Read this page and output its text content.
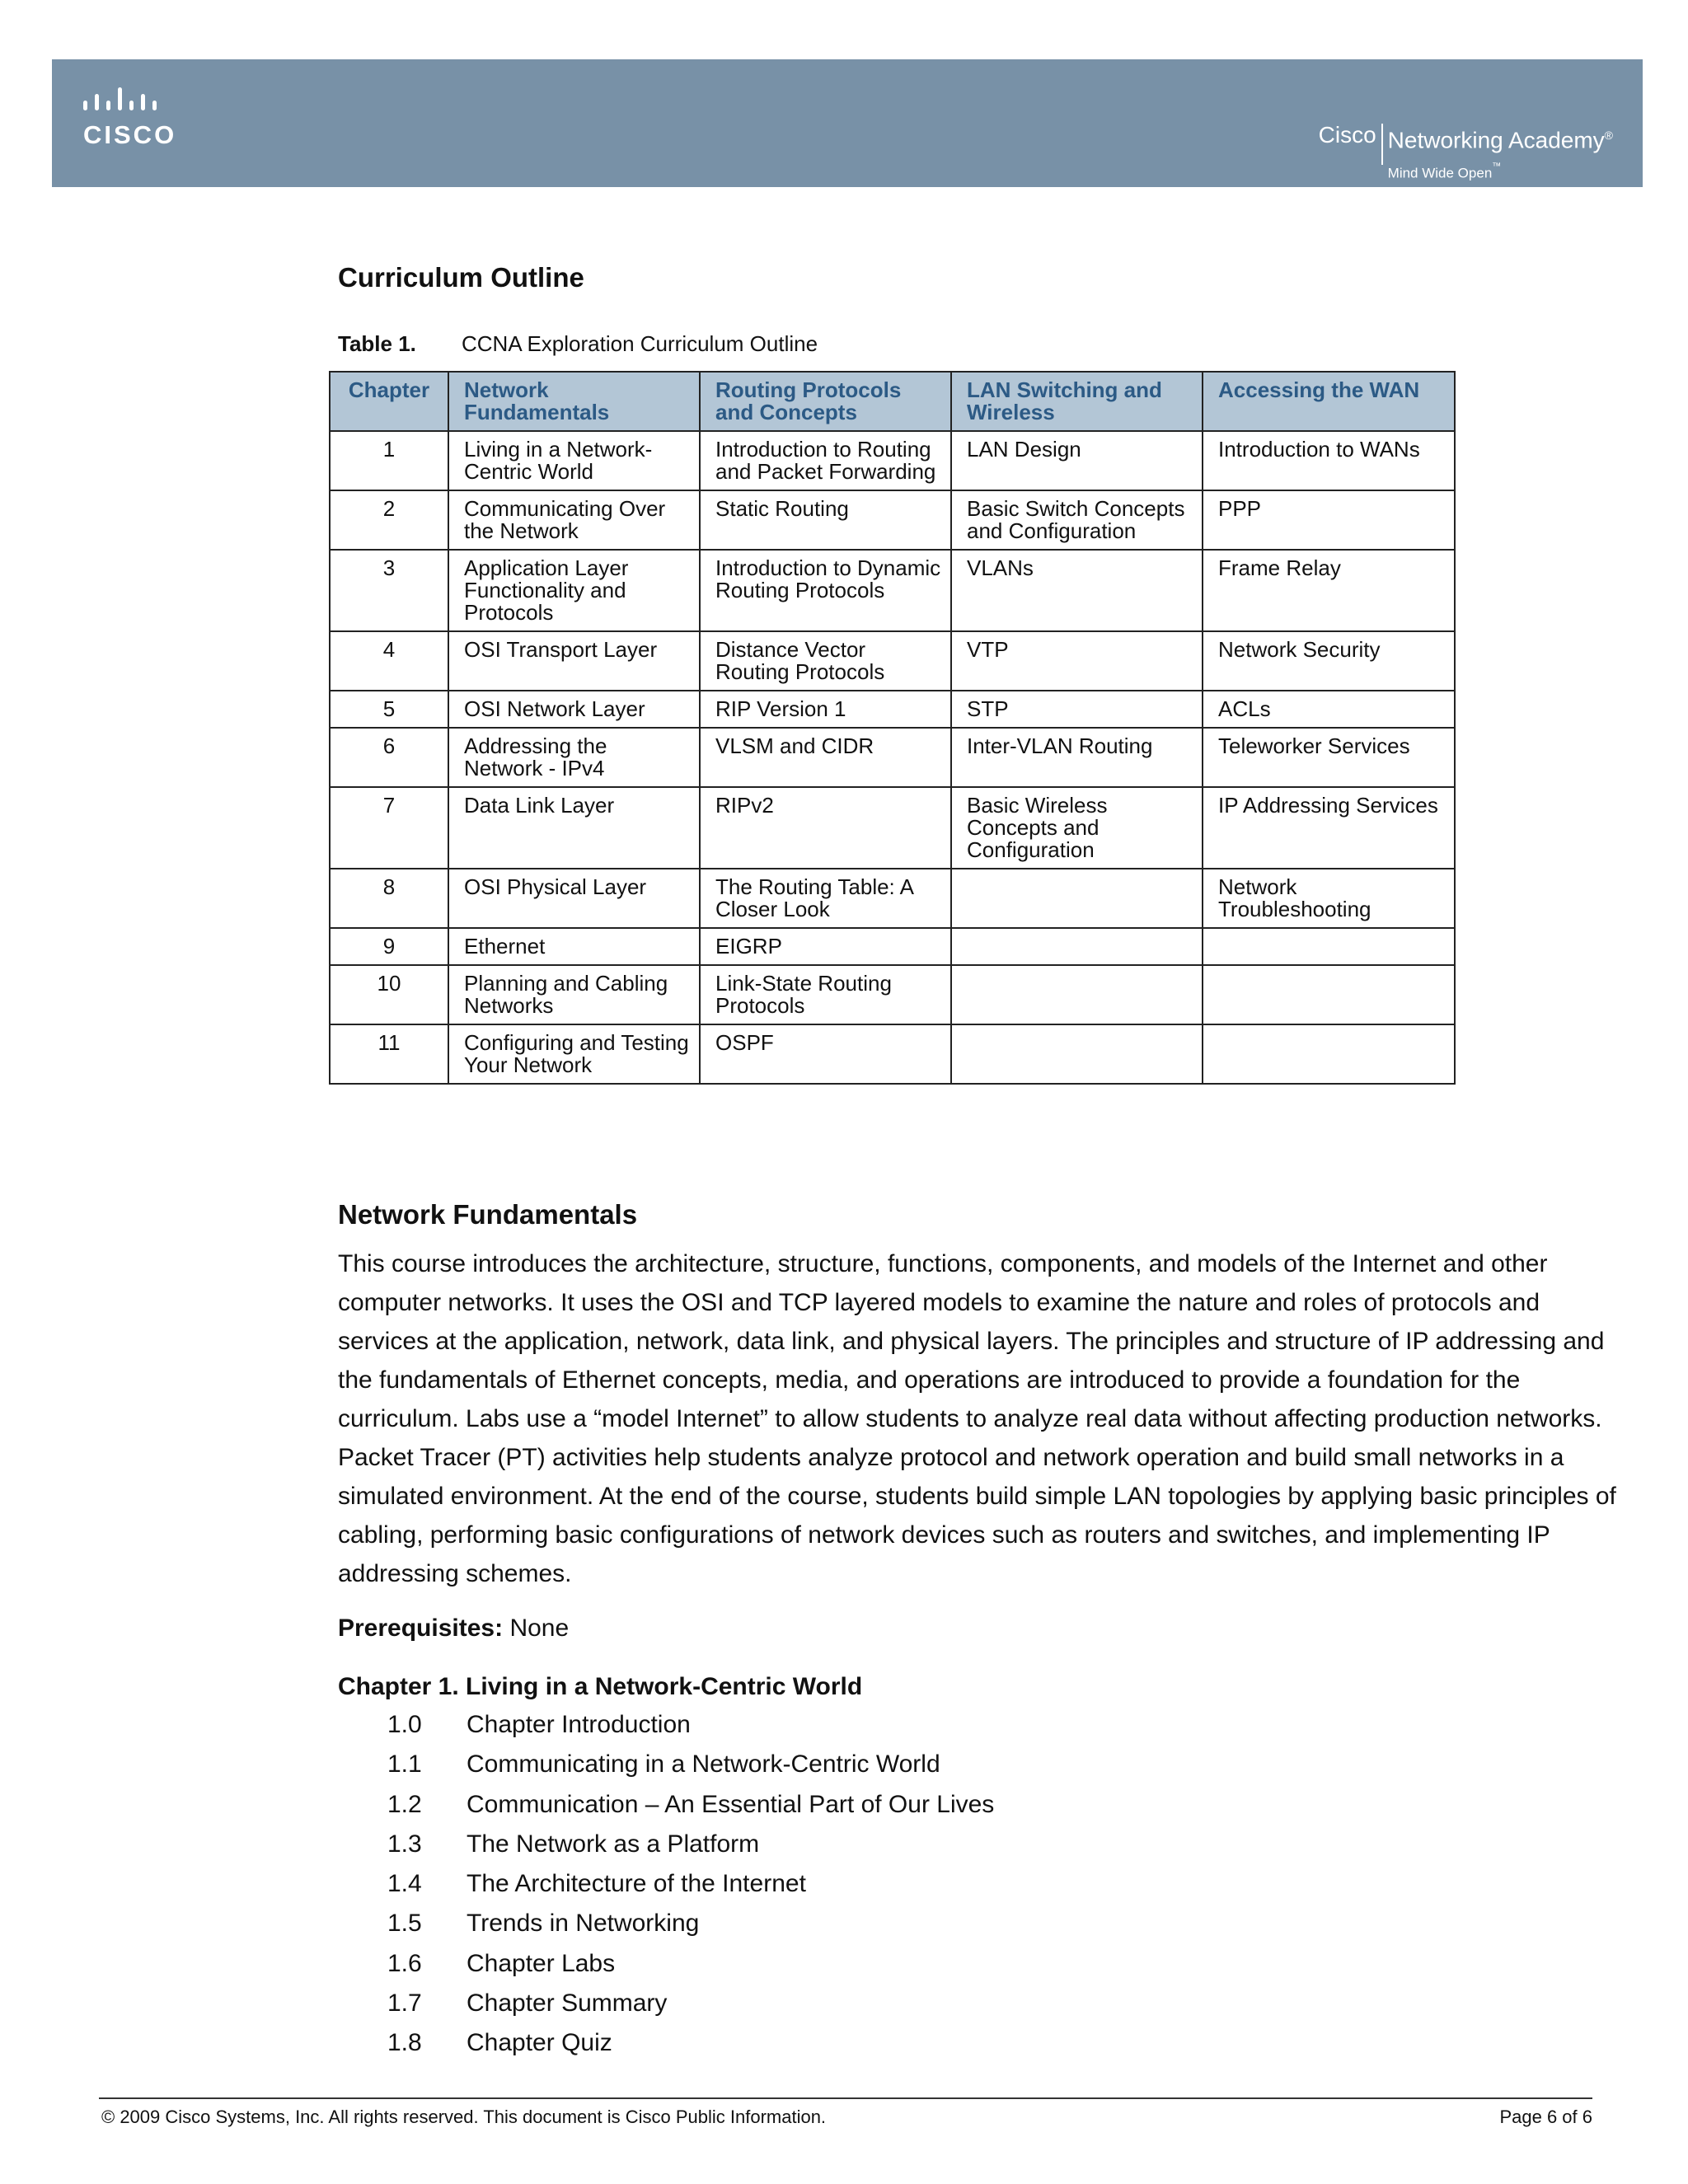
CISCO	Cisco Networking Academy®
Mind Wide Open™
Curriculum Outline
Table 1. CCNA Exploration Curriculum Outline
Chapter	Network Fundamentals	Routing Protocols and Concepts	LAN Switching and Wireless	Accessing the WAN
1	Living in a Network-Centric World	Introduction to Routing and Packet Forwarding	LAN Design	Introduction to WANs
2	Communicating Over the Network	Static Routing	Basic Switch Concepts and Configuration	PPP
3	Application Layer Functionality and Protocols	Introduction to Dynamic Routing Protocols	VLANs	Frame Relay
4	OSI Transport Layer	Distance Vector Routing Protocols	VTP	Network Security
5	OSI Network Layer	RIP Version 1	STP	ACLs
6	Addressing the Network - IPv4	VLSM and CIDR	Inter-VLAN Routing	Teleworker Services
7	Data Link Layer	RIPv2	Basic Wireless Concepts and Configuration	IP Addressing Services
8	OSI Physical Layer	The Routing Table: A Closer Look		Network Troubleshooting
9	Ethernet	EIGRP		
10	Planning and Cabling Networks	Link-State Routing Protocols		
11	Configuring and Testing Your Network	OSPF		
Network Fundamentals
This course introduces the architecture, structure, functions, components, and models of the Internet and other computer networks. It uses the OSI and TCP layered models to examine the nature and roles of protocols and services at the application, network, data link, and physical layers. The principles and structure of IP addressing and the fundamentals of Ethernet concepts, media, and operations are introduced to provide a foundation for the curriculum. Labs use a “model Internet” to allow students to analyze real data without affecting production networks. Packet Tracer (PT) activities help students analyze protocol and network operation and build small networks in a simulated environment. At the end of the course, students build simple LAN topologies by applying basic principles of cabling, performing basic configurations of network devices such as routers and switches, and implementing IP addressing schemes.
Prerequisites: None
Chapter 1. Living in a Network-Centric World
1.0 Chapter Introduction
1.1 Communicating in a Network-Centric World
1.2 Communication – An Essential Part of Our Lives
1.3 The Network as a Platform
1.4 The Architecture of the Internet
1.5 Trends in Networking
1.6 Chapter Labs
1.7 Chapter Summary
1.8 Chapter Quiz
© 2009 Cisco Systems, Inc. All rights reserved. This document is Cisco Public Information.	Page 6 of 6
